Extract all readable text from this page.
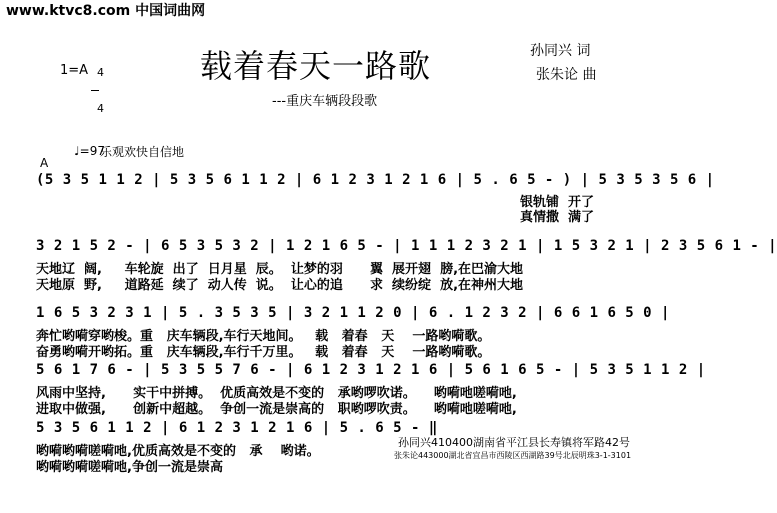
www.ktvc8.com 中国词曲网
1=A 4

4

载着春天一路歌
---重庆车辆段段歌
孙同兴 词
张朱论 曲
♩=97
乐观欢快自信地
A
(5 3 5 1 1 2 | 5 3 5 6 1 1 2 | 6 1 2 3 1 2 1 6 | 5 . 6 5 - ) | 5 3 5 3 5 6 |
银轨铺  开了
真情撒  满了
3 2 1 5 2 - | 6 5 3 5 3 2 | 1 2 1 6 5 - | 1 1 1 2 3 2 1 | 1 5 3 2 1 | 2 3 5 6 1 - |
天地辽  阔,     车轮旋  出了  日月星  辰。  让梦的羽      翼  展开翅  膀,在巴渝大地
天地原  野,     道路延  续了  动人传  说。  让心的追      求  续纷绽  放,在神州大地
1 6 5 3 2 3 1 | 5 . 3 5 3 5 | 3 2 1 1 2 0 | 6 . 1 2 3 2 | 6 6 1 6 5 0 |
奔忙哟嗬穿哟梭。重   庆车辆段,车行天地间。   载   着春   天    一路哟嗬歌。
奋勇哟嗬开哟拓。重   庆车辆段,车行千万里。   载   着春   天    一路哟嗬歌。
5 6 1 7 6 - | 5 3 5 5 7 6 - | 6 1 2 3 1 2 1 6 | 5 6 1 6 5 - | 5 3 5 1 1 2 |
风雨中坚持,      实干中拼搏。  优质高效是不变的   承哟啰吹诺。    哟嗬吔嗟嗬吔,
进取中做强,      创新中超越。  争创一流是崇高的   职哟啰吹责。    哟嗬吔嗟嗬吔,
5 3 5 6 1 1 2 | 6 1 2 3 1 2 1 6 | 5 . 6 5 - ‖
哟嗬哟嗬嗟嗬吔,优质高效是不变的   承    哟诺。
哟嗬哟嗬嗟嗬吔,争创一流是崇高
孙同兴410400湖南省平江县长寿镇将军路42号
张朱论443000湖北省宜昌市西陵区西湖路39号北辰明珠3-1-3101
